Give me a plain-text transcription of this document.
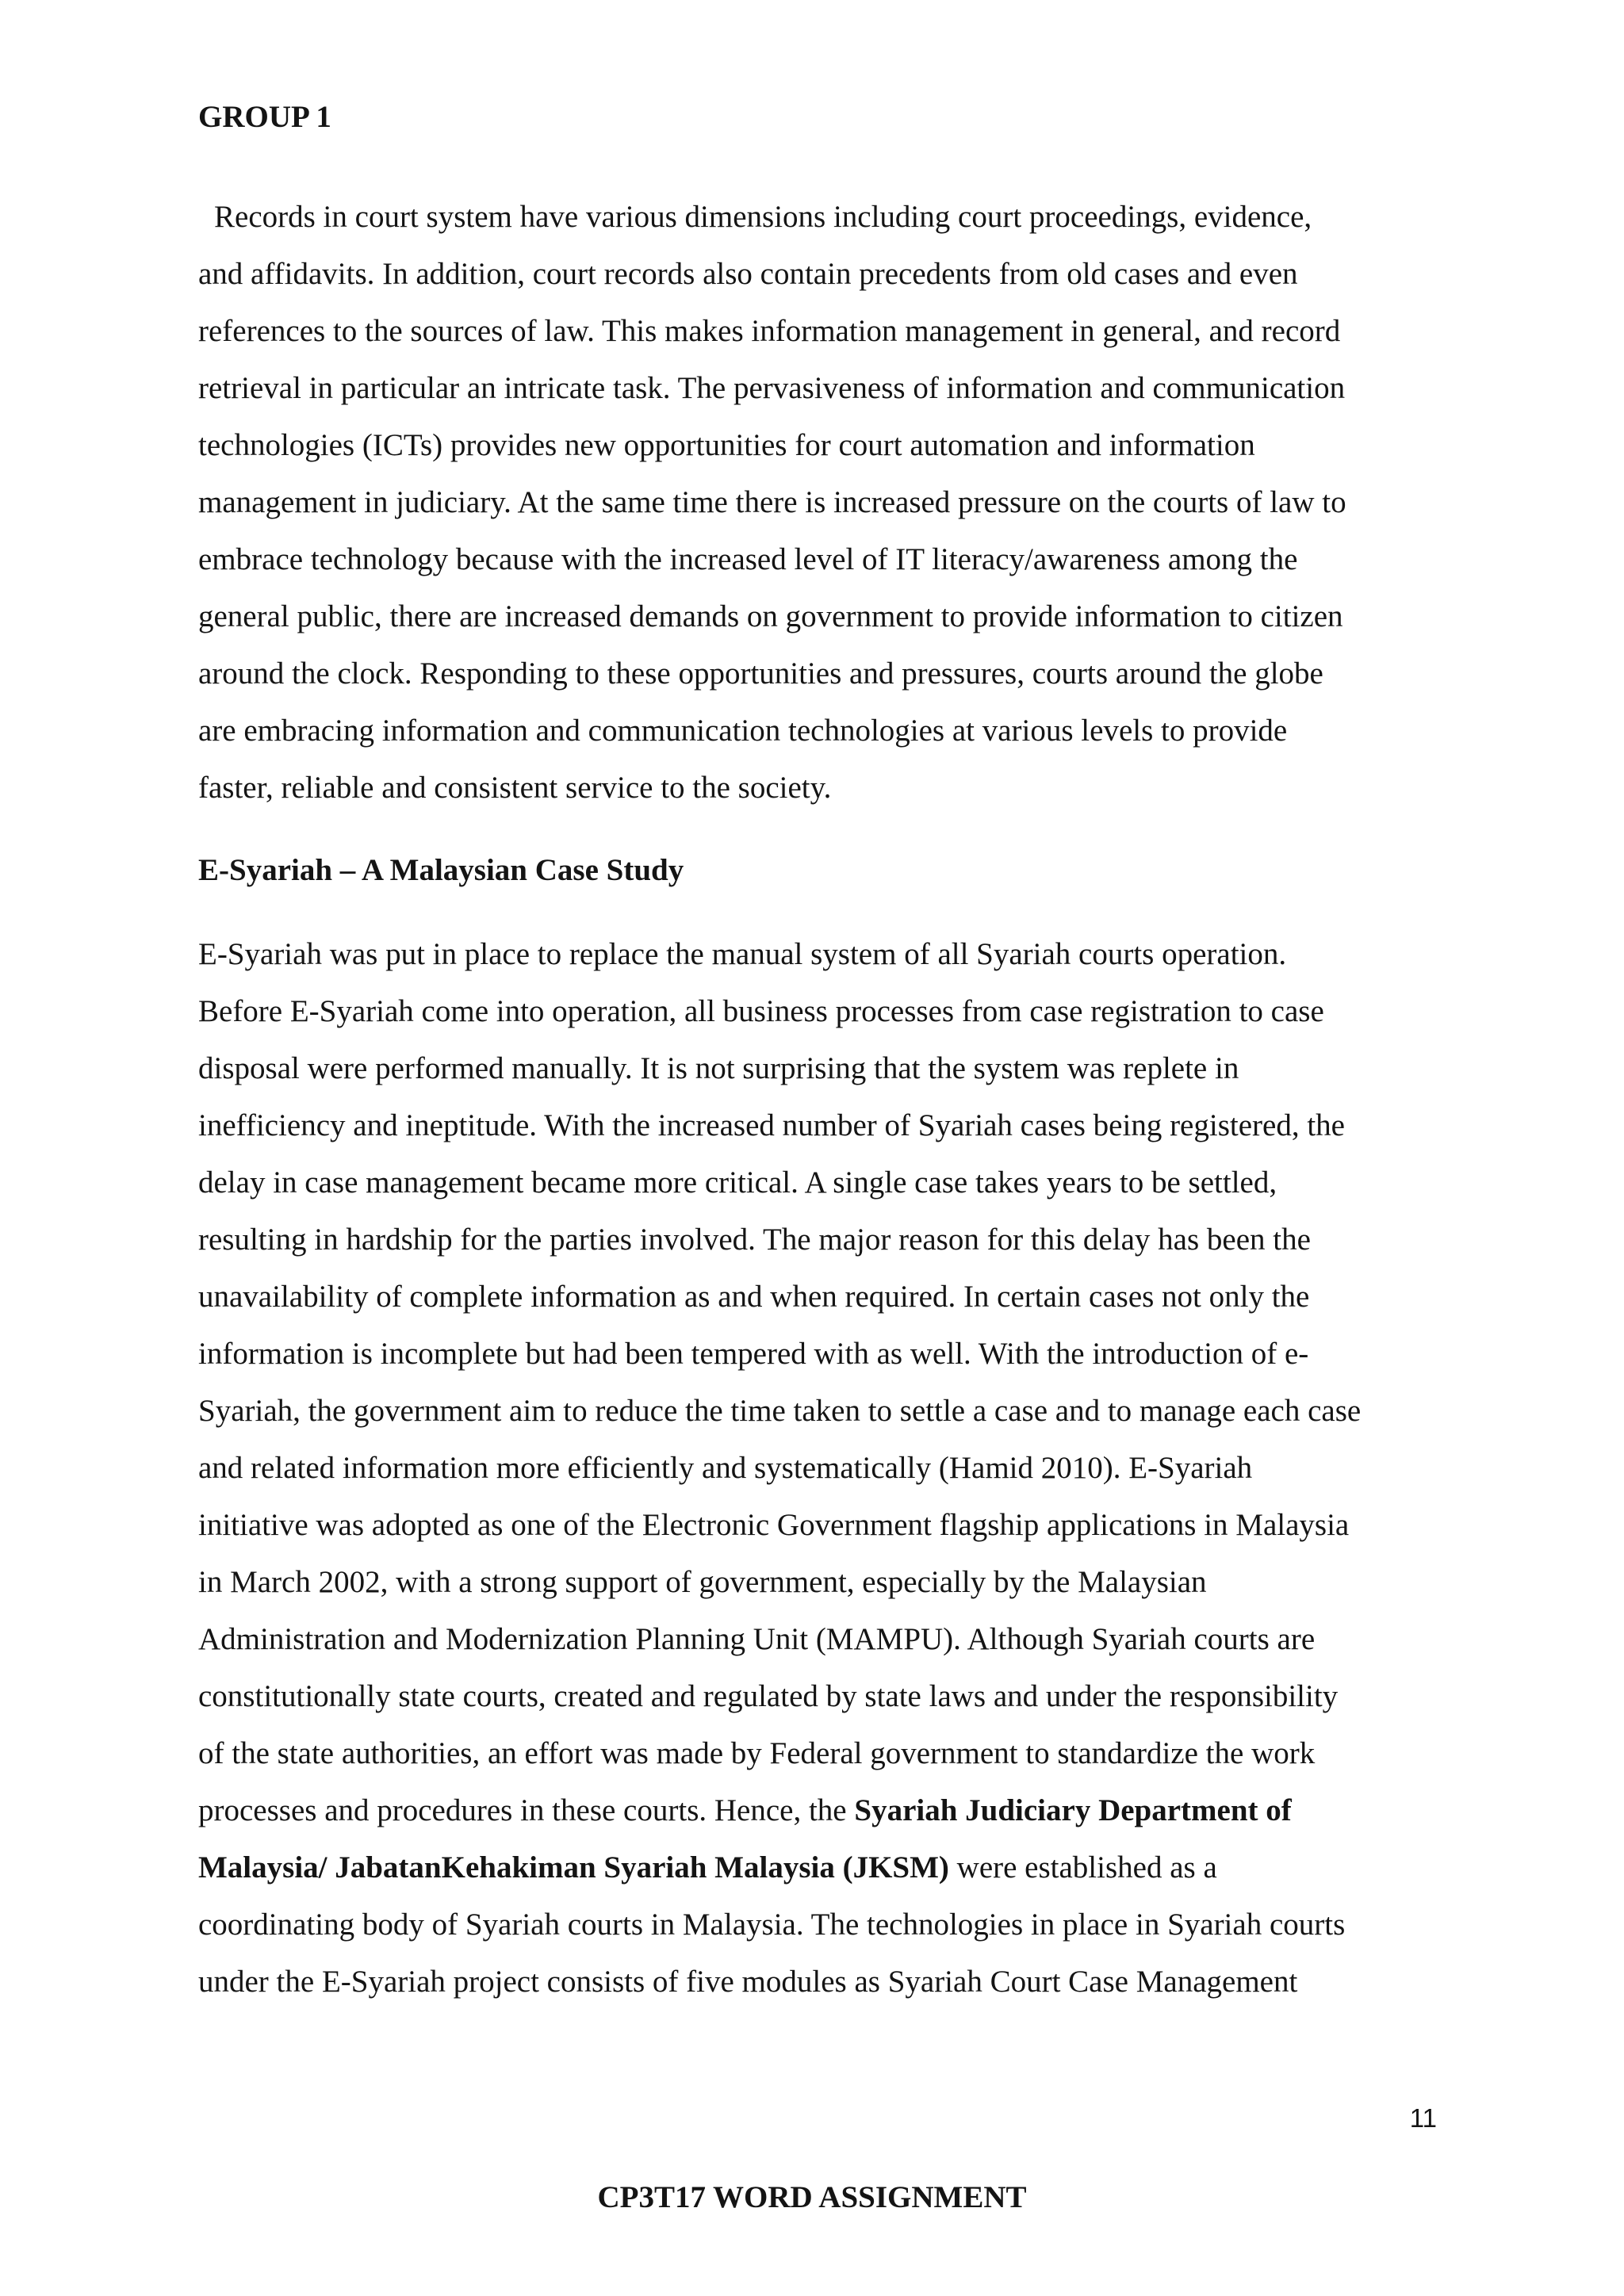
GROUP 1

Records in court system have various dimensions including court proceedings, evidence,
and affidavits. In addition, court records also contain precedents from old cases and even
references to the sources of law. This makes information management in general, and record
retrieval in particular an intricate task. The pervasiveness of information and communication
technologies (ICTs) provides new opportunities for court automation and information
management in judiciary. At the same time there is increased pressure on the courts of law to
embrace technology because with the increased level of IT literacy/awareness among the
general public, there are increased demands on government to provide information to citizen
around the clock. Responding to these opportunities and pressures, courts around the globe
are embracing information and communication technologies at various levels to provide
faster, reliable and consistent service to the society.

E-Syariah – A Malaysian Case Study

E-Syariah was put in place to replace the manual system of all Syariah courts operation.
Before E-Syariah come into operation, all business processes from case registration to case
disposal were performed manually. It is not surprising that the system was replete in
inefficiency and ineptitude. With the increased number of Syariah cases being registered, the
delay in case management became more critical. A single case takes years to be settled,
resulting in hardship for the parties involved. The major reason for this delay has been the
unavailability of complete information as and when required. In certain cases not only the
information is incomplete but had been tempered with as well. With the introduction of e-
Syariah, the government aim to reduce the time taken to settle a case and to manage each case
and related information more efficiently and systematically (Hamid 2010). E-Syariah
initiative was adopted as one of the Electronic Government flagship applications in Malaysia
in March 2002, with a strong support of government, especially by the Malaysian
Administration and Modernization Planning Unit (MAMPU). Although Syariah courts are
constitutionally state courts, created and regulated by state laws and under the responsibility
of the state authorities, an effort was made by Federal government to standardize the work
processes and procedures in these courts. Hence, the Syariah Judiciary Department of
Malaysia/ JabatanKehakiman Syariah Malaysia (JKSM) were established as a
coordinating body of Syariah courts in Malaysia. The technologies in place in Syariah courts
under the E-Syariah project consists of five modules as Syariah Court Case Management

11
CP3T17 WORD ASSIGNMENT
